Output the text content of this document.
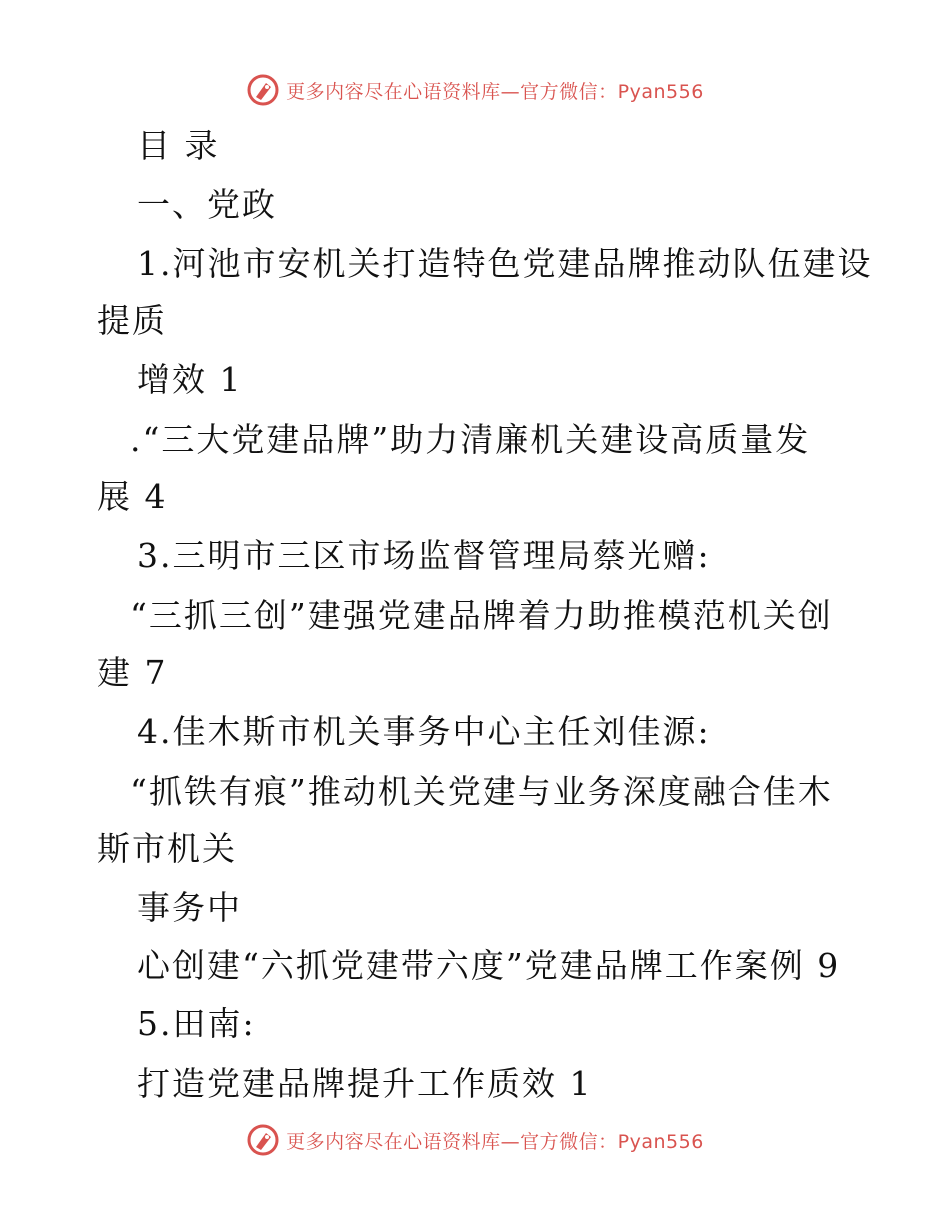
更多内容尽在心语资料库—官方微信：Pyan556
目 录
一、党政
1.河池市安机关打造特色党建品牌推动队伍建设
提质
增效 1
.“三大党建品牌”助力清廉机关建设高质量发
展 4
3.三明市三区市场监督管理局蔡光赠:
“三抓三创”建强党建品牌着力助推模范机关创
建 7
4.佳木斯市机关事务中心主任刘佳源:
“抓铁有痕”推动机关党建与业务深度融合佳木
斯市机关
事务中
心创建“六抓党建带六度”党建品牌工作案例 9
5.田南:
打造党建品牌提升工作质效 1
更多内容尽在心语资料库—官方微信：Pyan556
